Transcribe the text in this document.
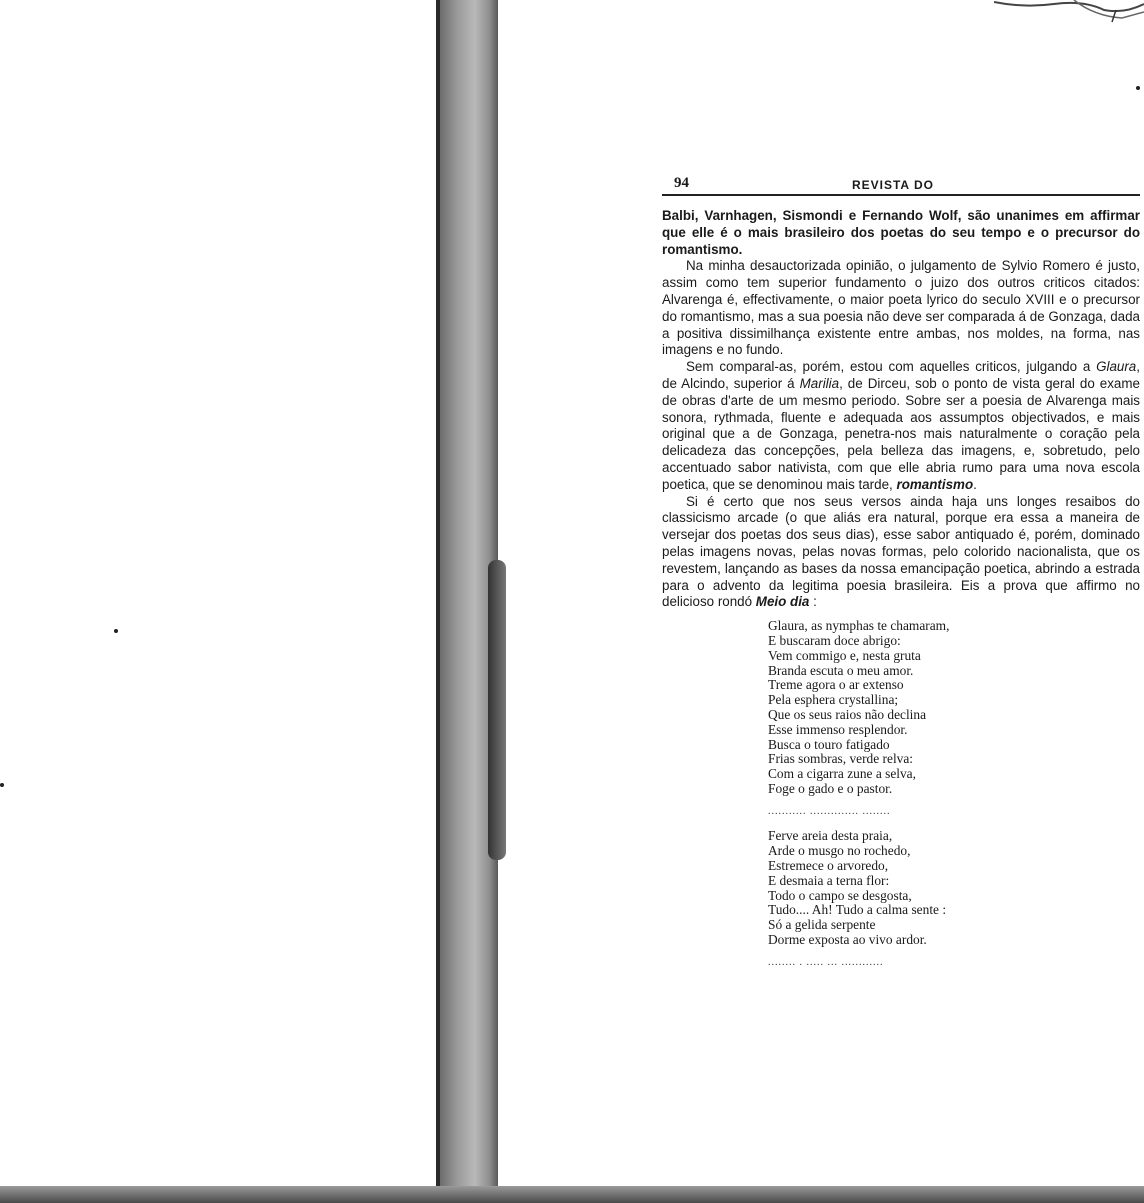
94	REVISTA DO

Balbi, Varnhagen, Sismondi e Fernando Wolf, são unanimes em affirmar que elle é o mais brasileiro dos poetas do seu tempo e o precursor do romantismo.

Na minha desauctorizada opinião, o julgamento de Sylvio Romero é justo, assim como tem superior fundamento o juizo dos outros criticos citados: Alvarenga é, effectivamente, o maior poeta lyrico do seculo XVIII e o precursor do romantismo, mas a sua poesia não deve ser comparada á de Gonzaga, dada a positiva dissimilhança existente entre ambas, nos moldes, na forma, nas imagens e no fundo.

Sem comparal-as, porém, estou com aquelles criticos, julgando a Glaura, de Alcindo, superior á Marilia, de Dirceu, sob o ponto de vista geral do exame de obras d'arte de um mesmo periodo. Sobre ser a poesia de Alvarenga mais sonora, rythmada, fluente e adequada aos assumptos objectivados, e mais original que a de Gonzaga, penetra-nos mais naturalmente o coração pela delicadeza das concepções, pela belleza das imagens, e, sobretudo, pelo accentuado sabor nativista, com que elle abria rumo para uma nova escola poetica, que se denominou mais tarde, romantismo.

Si é certo que nos seus versos ainda haja uns longes resaibos do classicismo arcade (o que aliás era natural, porque era essa a maneira de versejar dos poetas dos seus dias), esse sabor antiquado é, porém, dominado pelas imagens novas, pelas novas formas, pelo colorido nacionalista, que os revestem, lançando as bases da nossa emancipação poetica, abrindo a estrada para o advento da legitima poesia brasileira. Eis a prova que affirmo no delicioso rondó Meio dia :

Glaura, as nymphas te chamaram,
E buscaram doce abrigo:
Vem commigo e, nesta gruta
Branda escuta o meu amor.
Treme agora o ar extenso
Pela esphera crystallina;
Que os seus raios não declina
Esse immenso resplendor.
Busca o touro fatigado
Frias sombras, verde relva:
Com a cigarra zune a selva,
Foge o gado e o pastor.
........... .............. ........
Ferve areia desta praia,
Arde o musgo no rochedo,
Estremece o arvoredo,
E desmaia a terna flor:
Todo o campo se desgosta,
Tudo.... Ah! Tudo a calma sente :
Só a gelida serpente
Dorme exposta ao vivo ardor.
........ . ..... ... ............
